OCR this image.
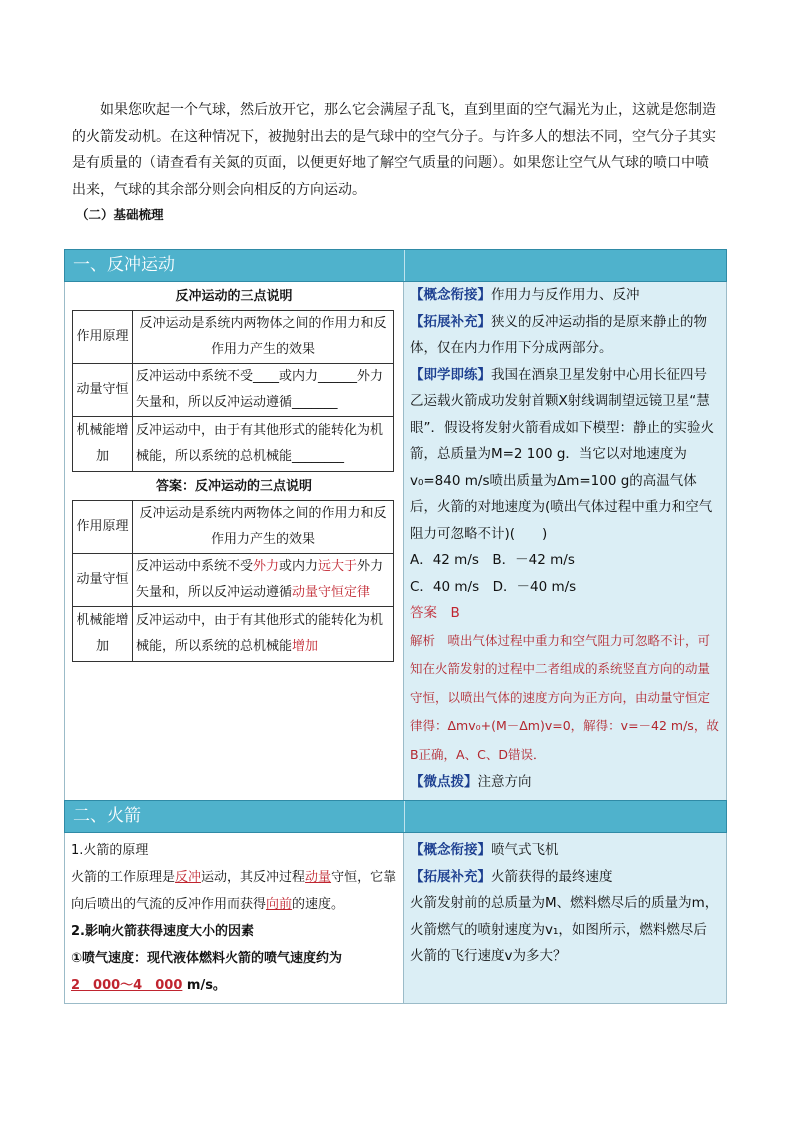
如果您吹起一个气球，然后放开它，那么它会满屋子乱飞，直到里面的空气漏光为止，这就是您制造
的火箭发动机。在这种情况下，被抛射出去的是气球中的空气分子。与许多人的想法不同，空气分子其实
是有质量的（请查看有关氮的页面，以便更好地了解空气质量的问题）。如果您让空气从气球的喷口中喷
出来，气球的其余部分则会向相反的方向运动。
（二）基础梳理
一、反冲运动
反冲运动的三点说明
作用原理	反冲运动是系统内两物体之间的作用力和反作用力产生的效果
动量守恒	反冲运动中系统不受____或内力______外力矢量和，所以反冲运动遵循_______
机械能增加	反冲运动中，由于有其他形式的能转化为机械能，所以系统的总机械能________
答案：反冲运动的三点说明
作用原理	反冲运动是系统内两物体之间的作用力和反作用力产生的效果
动量守恒	反冲运动中系统不受外力或内力远大于外力矢量和，所以反冲运动遵循动量守恒定律
机械能增加	反冲运动中，由于有其他形式的能转化为机械能，所以系统的总机械能增加
【概念衔接】作用力与反作用力、反冲
【拓展补充】狭义的反冲运动指的是原来静止的物体，仅在内力作用下分成两部分。
【即学即练】我国在酒泉卫星发射中心用长征四号乙运载火箭成功发射首颗X射线调制望远镜卫星“慧眼”．假设将发射火箭看成如下模型：静止的实验火箭，总质量为M=2 100 g．当它以对地速度为v₀=840 m/s喷出质量为Δm=100 g的高温气体后，火箭的对地速度为(喷出气体过程中重力和空气阻力可忽略不计)(　　)
A．42 m/s　 B．－42 m/s
C．40 m/s　 D．－40 m/s
答案　 B
解析　 喷出气体过程中重力和空气阻力可忽略不计，可知在火箭发射的过程中二者组成的系统竖直方向的动量守恒，以喷出气体的速度方向为正方向，由动量守恒定律得：Δmv₀+(M－Δm)v=0，解得：v=－42 m/s，故B正确，A、C、D错误．
【微点拨】注意方向
二、火箭
1.火箭的原理
火箭的工作原理是反冲运动，其反冲过程动量守恒，它靠向后喷出的气流的反冲作用而获得向前的速度。
2.影响火箭获得速度大小的因素
①喷气速度：现代液体燃料火箭的喷气速度约为
2　000～4　000 m/s。
【概念衔接】喷气式飞机
【拓展补充】火箭获得的最终速度
火箭发射前的总质量为M、燃料燃尽后的质量为m，火箭燃气的喷射速度为v₁，如图所示，燃料燃尽后火箭的飞行速度v为多大？
